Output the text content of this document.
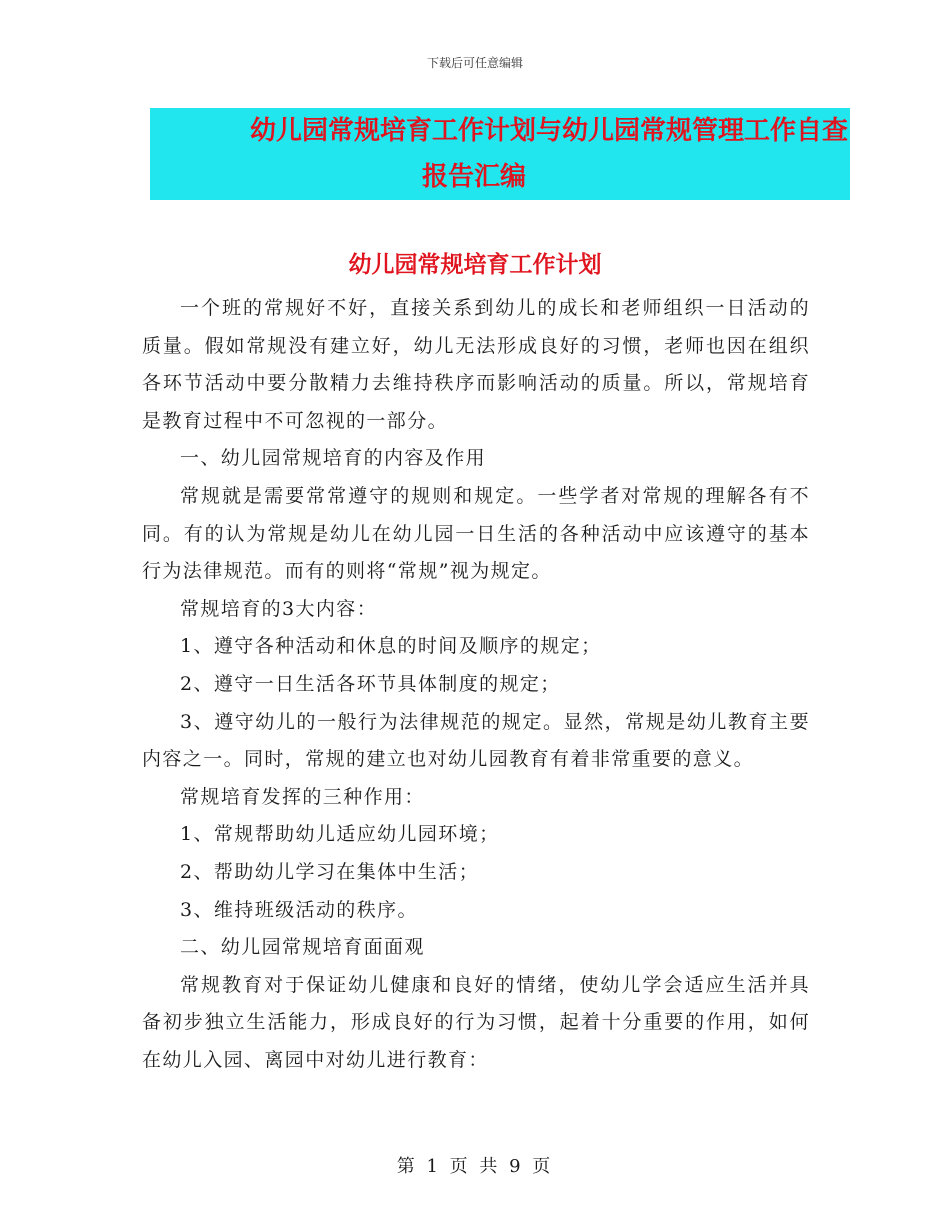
下载后可任意编辑
幼儿园常规培育工作计划与幼儿园常规管理工作自查
报告汇编
幼儿园常规培育工作计划

一个班的常规好不好，直接关系到幼儿的成长和老师组织一日活动的质量。假如常规没有建立好，幼儿无法形成良好的习惯，老师也因在组织各环节活动中要分散精力去维持秩序而影响活动的质量。所以，常规培育是教育过程中不可忽视的一部分。

一、幼儿园常规培育的内容及作用

常规就是需要常常遵守的规则和规定。一些学者对常规的理解各有不同。有的认为常规是幼儿在幼儿园一日生活的各种活动中应该遵守的基本行为法律规范。而有的则将“常规”视为规定。

常规培育的3大内容：

1、遵守各种活动和休息的时间及顺序的规定；

2、遵守一日生活各环节具体制度的规定；

3、遵守幼儿的一般行为法律规范的规定。显然，常规是幼儿教育主要内容之一。同时，常规的建立也对幼儿园教育有着非常重要的意义。

常规培育发挥的三种作用：

1、常规帮助幼儿适应幼儿园环境；

2、帮助幼儿学习在集体中生活；

3、维持班级活动的秩序。

二、幼儿园常规培育面面观

常规教育对于保证幼儿健康和良好的情绪，使幼儿学会适应生活并具备初步独立生活能力，形成良好的行为习惯，起着十分重要的作用，如何在幼儿入园、离园中对幼儿进行教育：

第 1 页 共 9 页
